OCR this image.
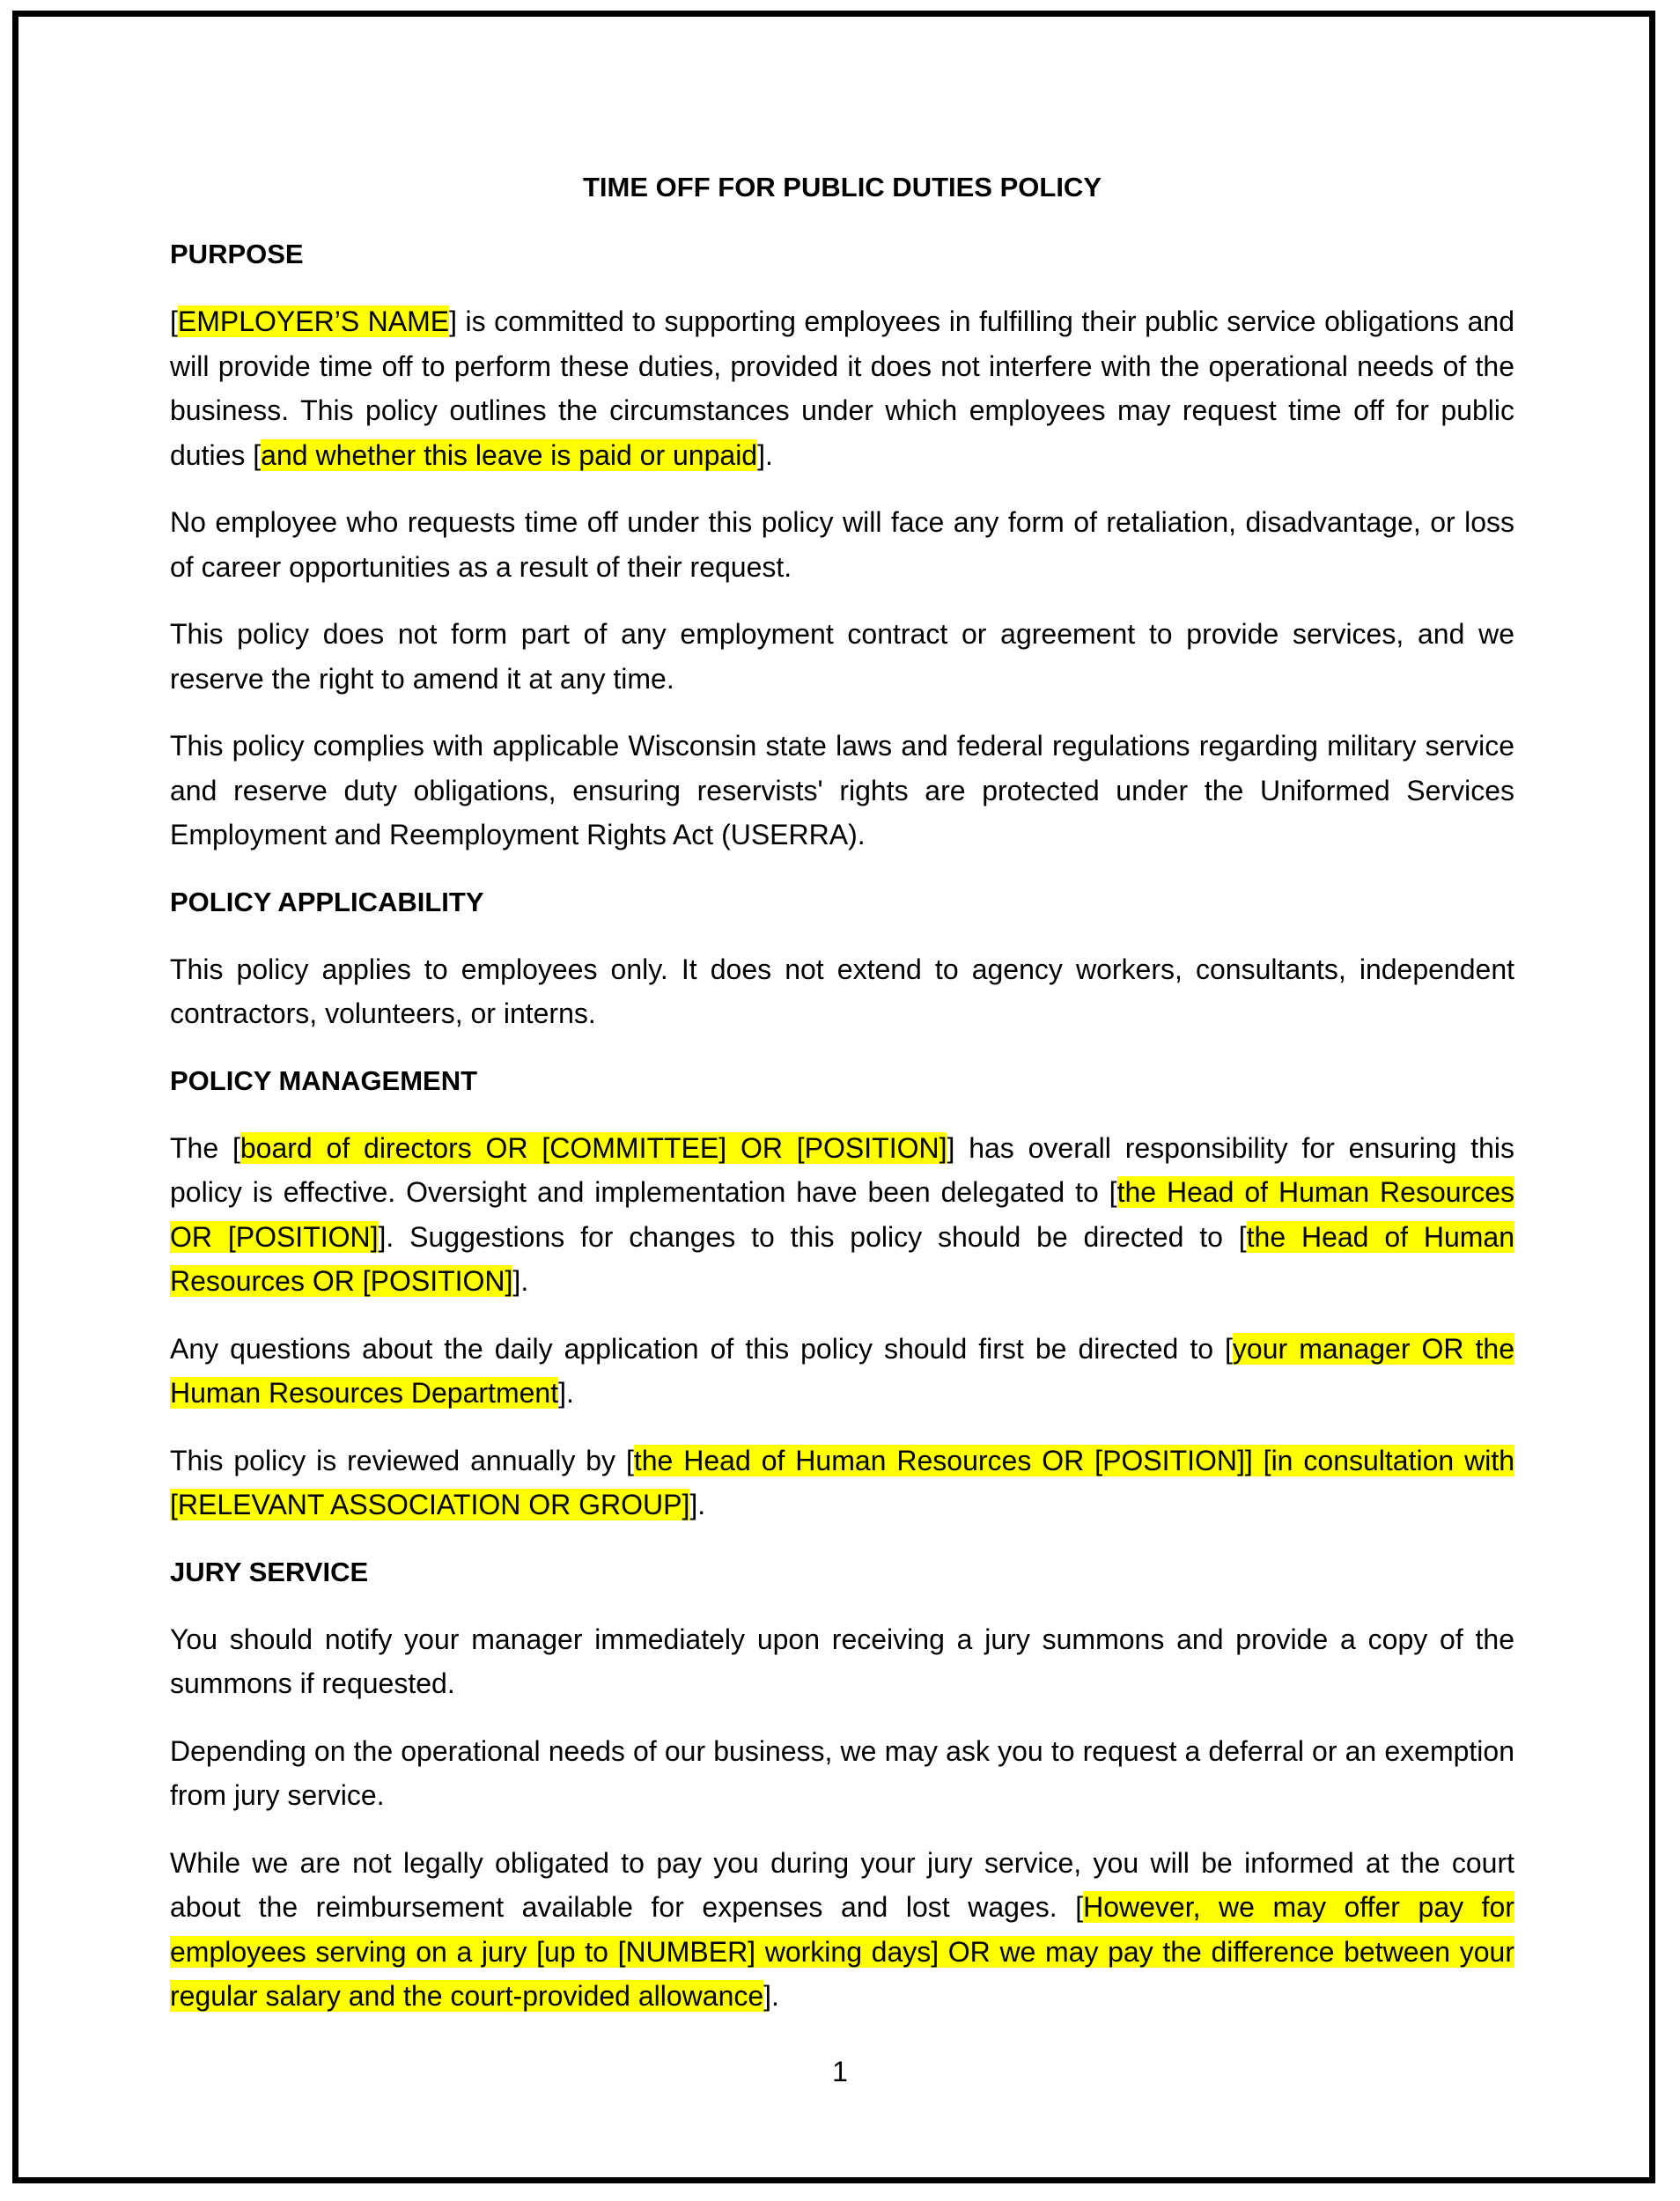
TIME OFF FOR PUBLIC DUTIES POLICY
PURPOSE
[EMPLOYER’S NAME] is committed to supporting employees in fulfilling their public service obligations and will provide time off to perform these duties, provided it does not interfere with the operational needs of the business. This policy outlines the circumstances under which employees may request time off for public duties [and whether this leave is paid or unpaid].
No employee who requests time off under this policy will face any form of retaliation, disadvantage, or loss of career opportunities as a result of their request.
This policy does not form part of any employment contract or agreement to provide services, and we reserve the right to amend it at any time.
This policy complies with applicable Wisconsin state laws and federal regulations regarding military service and reserve duty obligations, ensuring reservists' rights are protected under the Uniformed Services Employment and Reemployment Rights Act (USERRA).
POLICY APPLICABILITY
This policy applies to employees only. It does not extend to agency workers, consultants, independent contractors, volunteers, or interns.
POLICY MANAGEMENT
The [board of directors OR [COMMITTEE] OR [POSITION]] has overall responsibility for ensuring this policy is effective. Oversight and implementation have been delegated to [the Head of Human Resources OR [POSITION]]. Suggestions for changes to this policy should be directed to [the Head of Human Resources OR [POSITION]].
Any questions about the daily application of this policy should first be directed to [your manager OR the Human Resources Department].
This policy is reviewed annually by [the Head of Human Resources OR [POSITION]] [in consultation with [RELEVANT ASSOCIATION OR GROUP]].
JURY SERVICE
You should notify your manager immediately upon receiving a jury summons and provide a copy of the summons if requested.
Depending on the operational needs of our business, we may ask you to request a deferral or an exemption from jury service.
While we are not legally obligated to pay you during your jury service, you will be informed at the court about the reimbursement available for expenses and lost wages. [However, we may offer pay for employees serving on a jury [up to [NUMBER] working days] OR we may pay the difference between your regular salary and the court-provided allowance].
1
